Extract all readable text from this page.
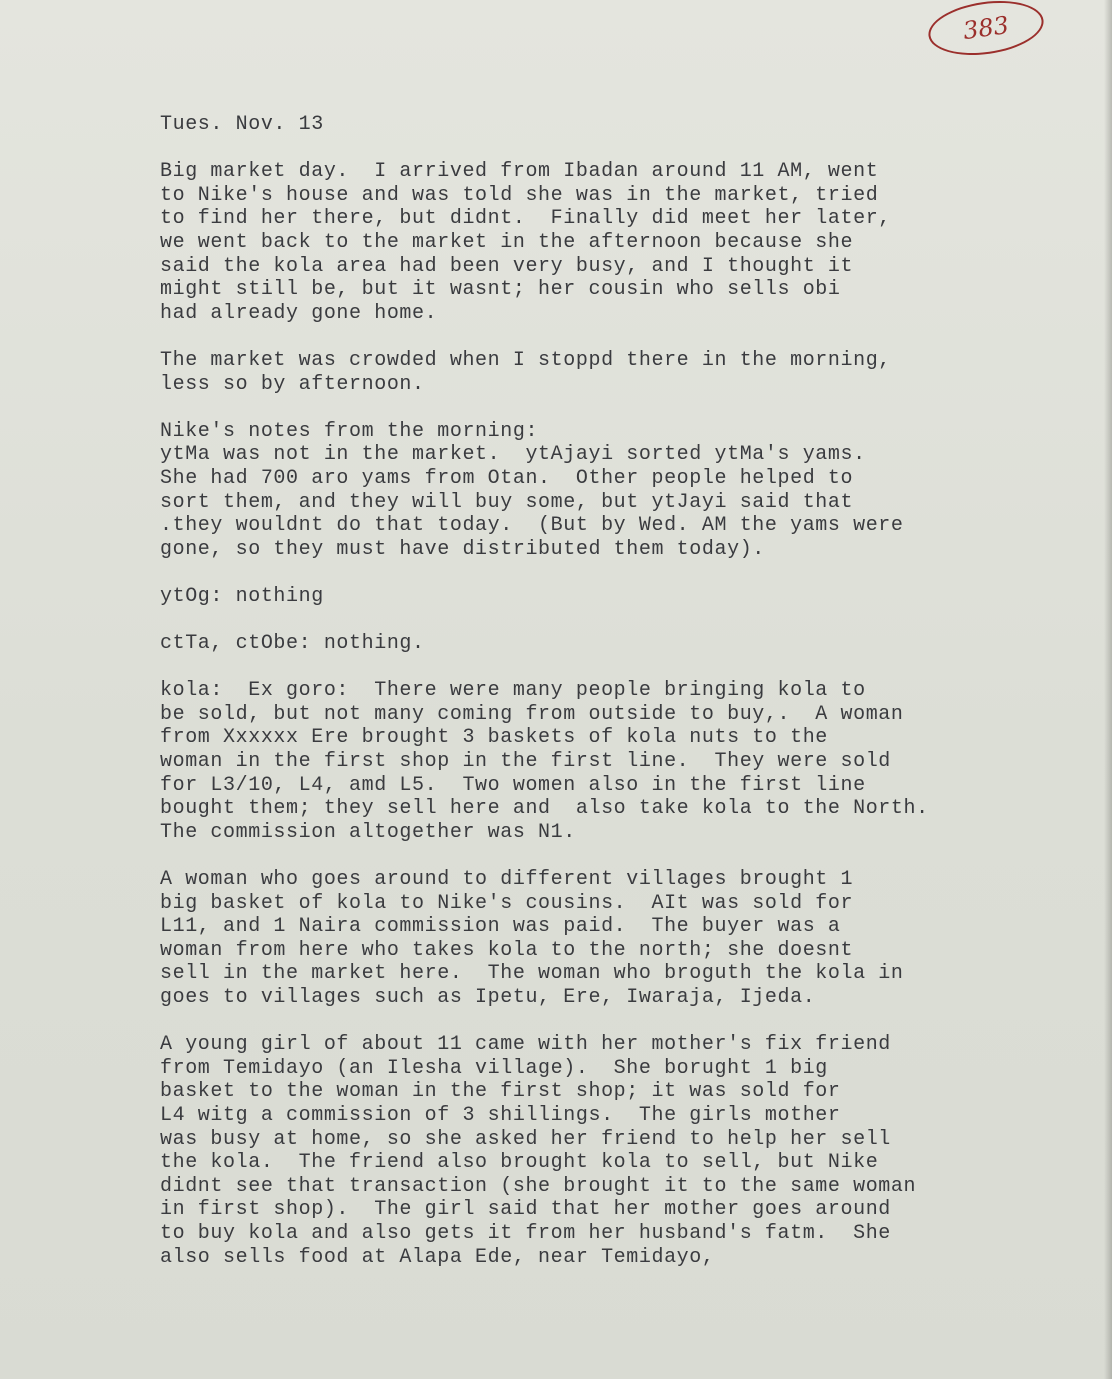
383
Tues. Nov. 13
Big market day.  I arrived from Ibadan around 11 AM, went
to Nike's house and was told she was in the market, tried
to find her there, but didnt.  Finally did meet her later,
we went back to the market in the afternoon because she
said the kola area had been very busy, and I thought it
might still be, but it wasnt; her cousin who sells obi
had already gone home.
The market was crowded when I stoppd there in the morning,
less so by afternoon.
Nike's notes from the morning:
ytMa was not in the market.  ytAjayi sorted ytMa's yams.
She had 700 aro yams from Otan.  Other people helped to
sort them, and they will buy some, but ytJayi said that
.they wouldnt do that today.  (But by Wed. AM the yams were
gone, so they must have distributed them today).
ytOg: nothing
ctTa, ctObe: nothing.
kola:  Ex goro:  There were many people bringing kola to
be sold, but not many coming from outside to buy,.  A woman
from Xxxxxx Ere brought 3 baskets of kola nuts to the
woman in the first shop in the first line.  They were sold
for L3/10, L4, amd L5.  Two women also in the first line
bought them; they sell here and  also take kola to the North.
The commission altogether was N1.
A woman who goes around to different villages brought 1
big basket of kola to Nike's cousins.  AIt was sold for
L11, and 1 Naira commission was paid.  The buyer was a
woman from here who takes kola to the north; she doesnt
sell in the market here.  The woman who broguth the kola in
goes to villages such as Ipetu, Ere, Iwaraja, Ijeda.
A young girl of about 11 came with her mother's fix friend
from Temidayo (an Ilesha village).  She borught 1 big
basket to the woman in the first shop; it was sold for
L4 witg a commission of 3 shillings.  The girls mother
was busy at home, so she asked her friend to help her sell
the kola.  The friend also brought kola to sell, but Nike
didnt see that transaction (she brought it to the same woman
in first shop).  The girl said that her mother goes around
to buy kola and also gets it from her husband's fatm.  She
also sells food at Alapa Ede, near Temidayo,
